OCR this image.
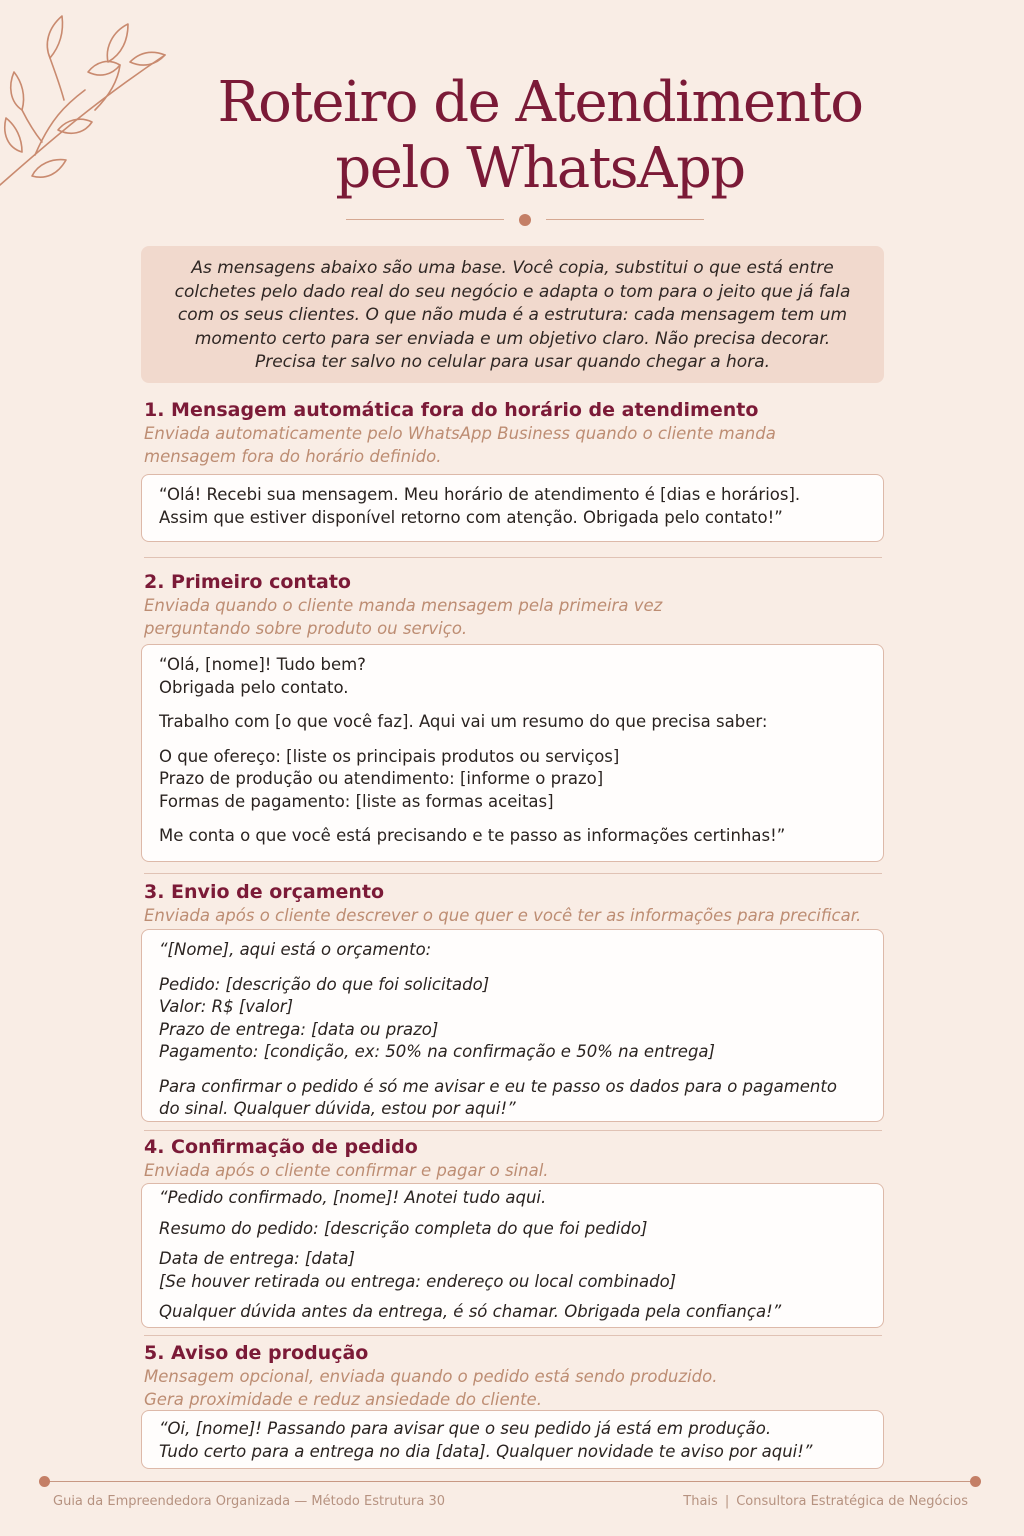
Roteiro de Atendimento
pelo WhatsApp
As mensagens abaixo são uma base. Você copia, substitui o que está entre
colchetes pelo dado real do seu negócio e adapta o tom para o jeito que já fala
com os seus clientes. O que não muda é a estrutura: cada mensagem tem um
momento certo para ser enviada e um objetivo claro. Não precisa decorar.
Precisa ter salvo no celular para usar quando chegar a hora.
1. Mensagem automática fora do horário de atendimento
Enviada automaticamente pelo WhatsApp Business quando o cliente manda
mensagem fora do horário definido.
“Olá! Recebi sua mensagem. Meu horário de atendimento é [dias e horários].
Assim que estiver disponível retorno com atenção. Obrigada pelo contato!”
2. Primeiro contato
Enviada quando o cliente manda mensagem pela primeira vez
perguntando sobre produto ou serviço.
“Olá, [nome]! Tudo bem?
Obrigada pelo contato.
Trabalho com [o que você faz]. Aqui vai um resumo do que precisa saber:
O que ofereço: [liste os principais produtos ou serviços]
Prazo de produção ou atendimento: [informe o prazo]
Formas de pagamento: [liste as formas aceitas]
Me conta o que você está precisando e te passo as informações certinhas!”
3. Envio de orçamento
Enviada após o cliente descrever o que quer e você ter as informações para precificar.
“[Nome], aqui está o orçamento:
Pedido: [descrição do que foi solicitado]
Valor: R$ [valor]
Prazo de entrega: [data ou prazo]
Pagamento: [condição, ex: 50% na confirmação e 50% na entrega]
Para confirmar o pedido é só me avisar e eu te passo os dados para o pagamento
do sinal. Qualquer dúvida, estou por aqui!”
4. Confirmação de pedido
Enviada após o cliente confirmar e pagar o sinal.
“Pedido confirmado, [nome]! Anotei tudo aqui.
Resumo do pedido: [descrição completa do que foi pedido]
Data de entrega: [data]
[Se houver retirada ou entrega: endereço ou local combinado]
Qualquer dúvida antes da entrega, é só chamar. Obrigada pela confiança!”
5. Aviso de produção
Mensagem opcional, enviada quando o pedido está sendo produzido.
Gera proximidade e reduz ansiedade do cliente.
“Oi, [nome]! Passando para avisar que o seu pedido já está em produção.
Tudo certo para a entrega no dia [data]. Qualquer novidade te aviso por aqui!”
Guia da Empreendedora Organizada — Método Estrutura 30	Thais | Consultora Estratégica de Negócios
